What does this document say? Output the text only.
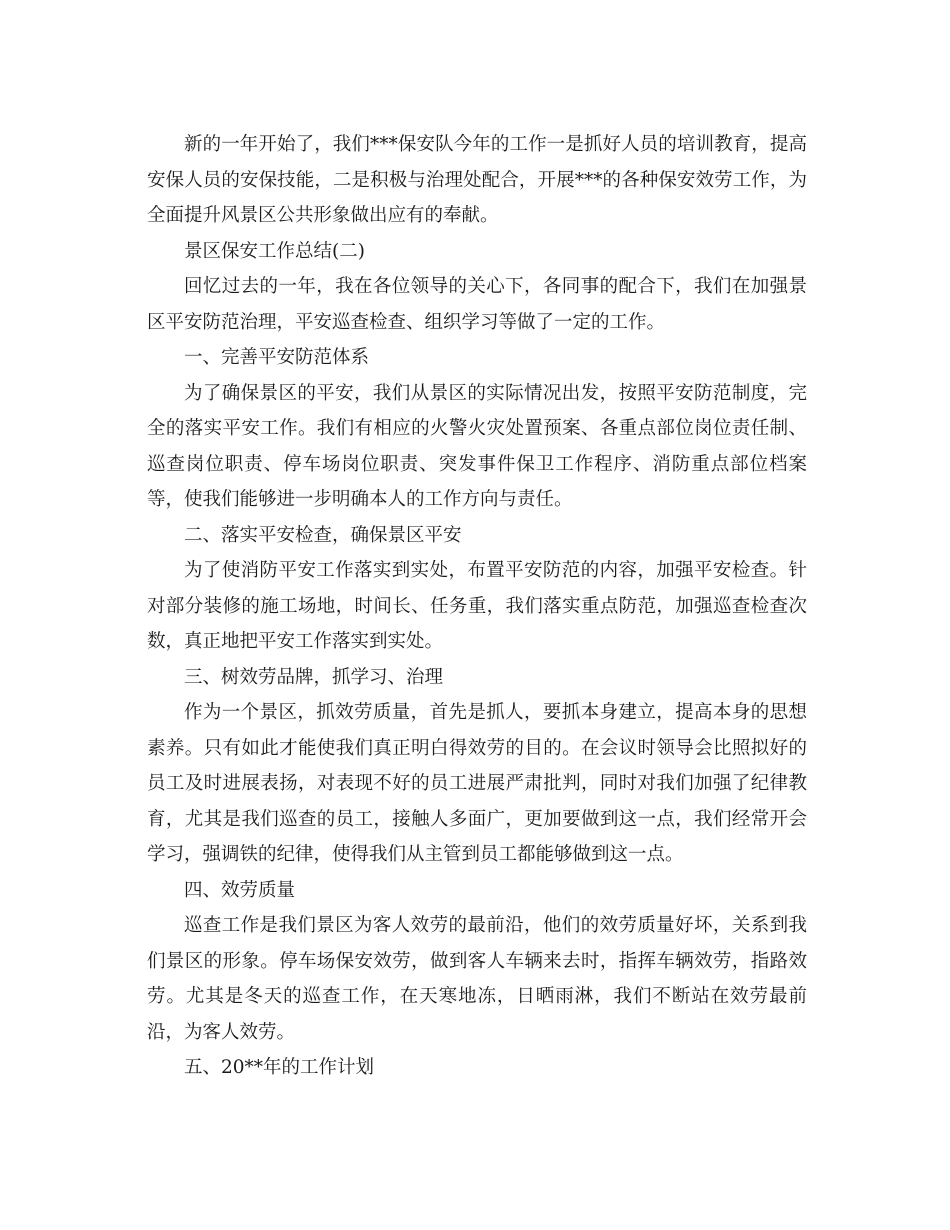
新的一年开始了，我们***保安队今年的工作一是抓好人员的培训教育，提高安保人员的安保技能，二是积极与治理处配合，开展***的各种保安效劳工作，为全面提升风景区公共形象做出应有的奉献。

景区保安工作总结(二)

回忆过去的一年，我在各位领导的关心下，各同事的配合下，我们在加强景区平安防范治理，平安巡查检查、组织学习等做了一定的工作。

一、完善平安防范体系

为了确保景区的平安，我们从景区的实际情况出发，按照平安防范制度，完全的落实平安工作。我们有相应的火警火灾处置预案、各重点部位岗位责任制、巡查岗位职责、停车场岗位职责、突发事件保卫工作程序、消防重点部位档案等，使我们能够进一步明确本人的工作方向与责任。

二、落实平安检查，确保景区平安

为了使消防平安工作落实到实处，布置平安防范的内容，加强平安检查。针对部分装修的施工场地，时间长、任务重，我们落实重点防范，加强巡查检查次数，真正地把平安工作落实到实处。

三、树效劳品牌，抓学习、治理

作为一个景区，抓效劳质量，首先是抓人，要抓本身建立，提高本身的思想素养。只有如此才能使我们真正明白得效劳的目的。在会议时领导会比照拟好的员工及时进展表扬，对表现不好的员工进展严肃批判，同时对我们加强了纪律教育，尤其是我们巡查的员工，接触人多面广，更加要做到这一点，我们经常开会学习，强调铁的纪律，使得我们从主管到员工都能够做到这一点。

四、效劳质量

巡查工作是我们景区为客人效劳的最前沿，他们的效劳质量好坏，关系到我们景区的形象。停车场保安效劳，做到客人车辆来去时，指挥车辆效劳，指路效劳。尤其是冬天的巡查工作，在天寒地冻，日晒雨淋，我们不断站在效劳最前沿，为客人效劳。

五、20**年的工作计划
